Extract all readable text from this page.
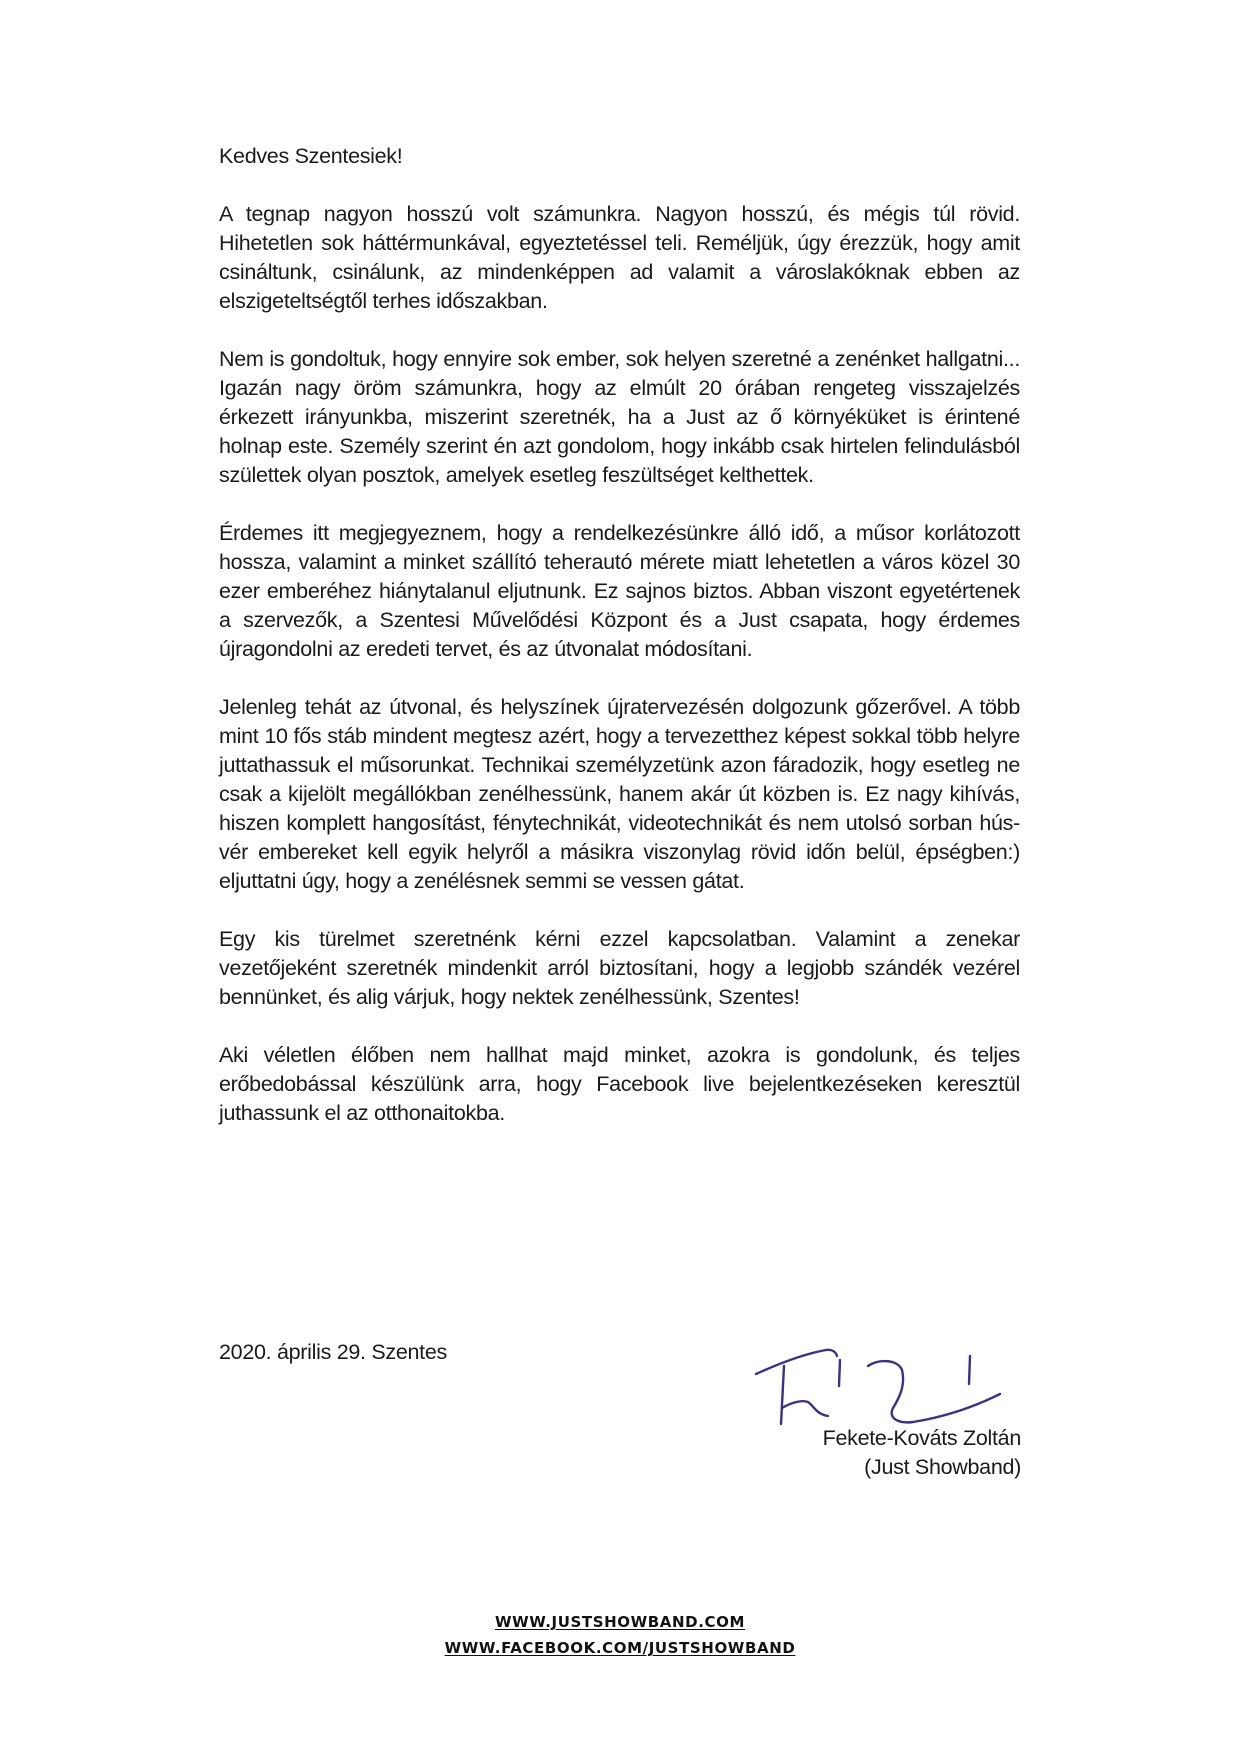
Kedves Szentesiek!

A tegnap nagyon hosszú volt számunkra. Nagyon hosszú, és mégis túl rövid. Hihetetlen sok háttérmunkával, egyeztetéssel teli. Reméljük, úgy érezzük, hogy amit csináltunk, csinálunk, az mindenképpen ad valamit a városlakóknak ebben az elszigeteltségtől terhes időszakban.

Nem is gondoltuk, hogy ennyire sok ember, sok helyen szeretné a zenénket hallgatni... Igazán nagy öröm számunkra, hogy az elmúlt 20 órában rengeteg visszajelzés érkezett irányunkba, miszerint szeretnék, ha a Just az ő környéküket is érintené holnap este. Személy szerint én azt gondolom, hogy inkább csak hirtelen felindulásból születtek olyan posztok, amelyek esetleg feszültséget kelthettek.

Érdemes itt megjegyeznem, hogy a rendelkezésünkre álló idő, a műsor korlátozott hossza, valamint a minket szállító teherautó mérete miatt lehetetlen a város közel 30 ezer emberéhez hiánytalanul eljutnunk. Ez sajnos biztos. Abban viszont egyetértenek a szervezők, a Szentesi Művelődési Központ és a Just csapata, hogy érdemes újragondolni az eredeti tervet, és az útvonalat módosítani.

Jelenleg tehát az útvonal, és helyszínek újratervezésén dolgozunk gőzerővel. A több mint 10 fős stáb mindent megtesz azért, hogy a tervezetthez képest sokkal több helyre juttathassuk el műsorunkat. Technikai személyzetünk azon fáradozik, hogy esetleg ne csak a kijelölt megállókban zenélhessünk, hanem akár út közben is. Ez nagy kihívás, hiszen komplett hangosítást, fénytechnikát, videotechnikát és nem utolsó sorban hús-vér embereket kell egyik helyről a másikra viszonylag rövid időn belül, épségben:) eljuttatni úgy, hogy a zenélésnek semmi se vessen gátat.

Egy kis türelmet szeretnénk kérni ezzel kapcsolatban. Valamint a zenekar vezetőjeként szeretnék mindenkit arról biztosítani, hogy a legjobb szándék vezérel bennünket, és alig várjuk, hogy nektek zenélhessünk, Szentes!

Aki véletlen élőben nem hallhat majd minket, azokra is gondolunk, és teljes erőbedobással készülünk arra, hogy Facebook live bejelentkezéseken keresztül juthassunk el az otthonaitokba.

2020. április 29. Szentes
Fekete-Kováts Zoltán
(Just Showband)
WWW.JUSTSHOWBAND.COM
WWW.FACEBOOK.COM/JUSTSHOWBAND
